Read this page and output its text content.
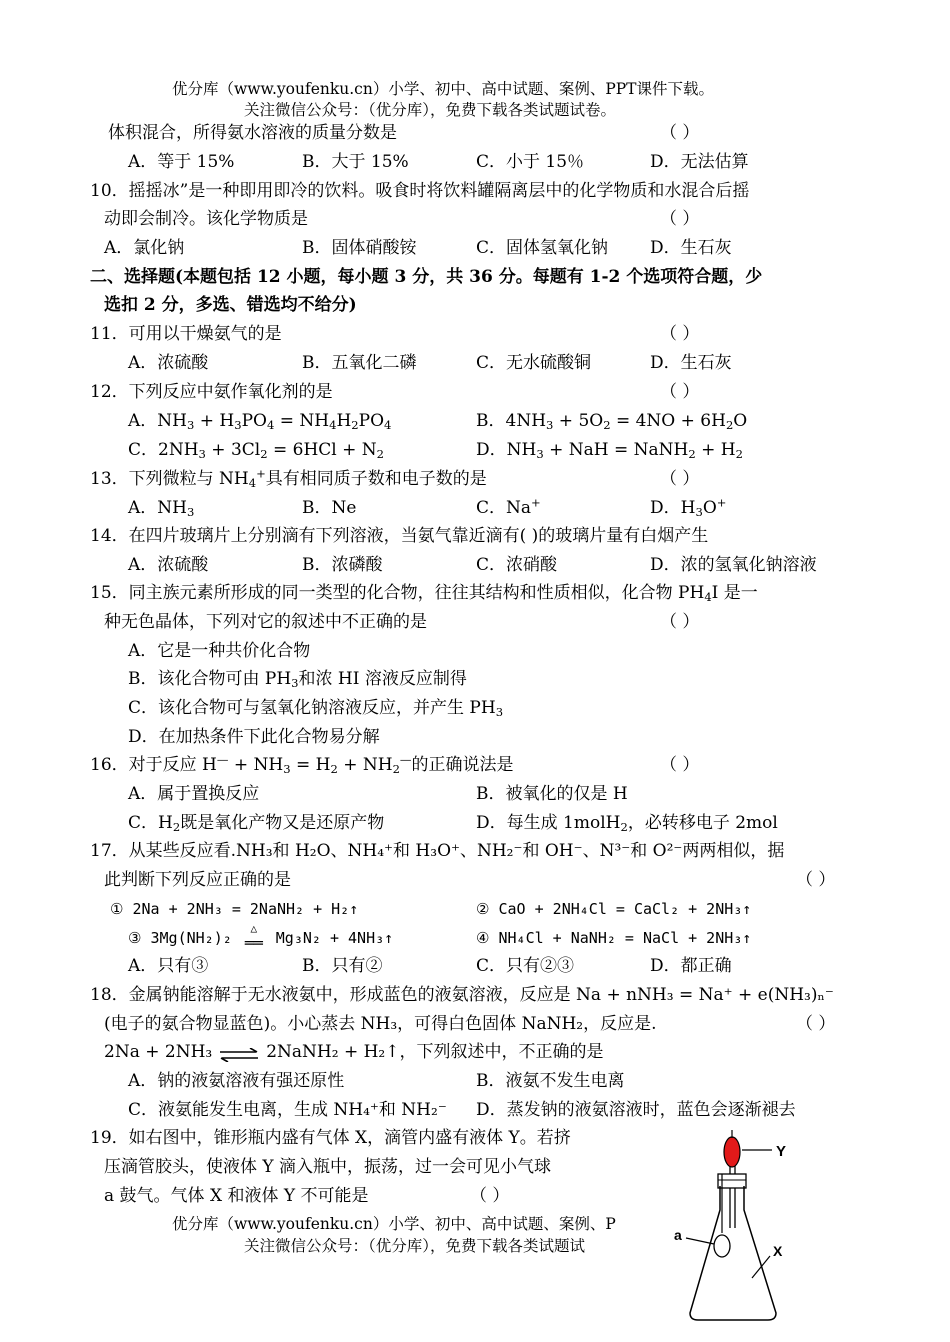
优分库（www.youfenku.cn）小学、初中、高中试题、案例、PPT课件下载。
关注微信公众号：（优分库），免费下载各类试题试卷。
体积混合，所得氨水溶液的质量分数是	（ ）
A．等于 15%	B．大于 15%	C．小于 15％	D．无法估算
10．摇摇冰”是一种即用即冷的饮料。吸食时将饮料罐隔离层中的化学物质和水混合后摇
动即会制冷。该化学物质是	（ ）
A．氯化钠	B．固体硝酸铵	C．固体氢氧化钠 D．生石灰
二、选择题(本题包括 12 小题，每小题 3 分，共 36 分。每题有 1-2 个选项符合题，少
选扣 2 分，多选、错选均不给分)
11．可用以干燥氨气的是	（ ）
A．浓硫酸	B．五氧化二磷	C．无水硫酸铜	D．生石灰
12．下列反应中氨作氧化剂的是	（ ）
A．$NH_3 + H_3PO_4 = NH_4H_2PO_4$	B．$4NH_3 + 5O_2 = 4NO + 6H_2O$
C．$2NH_3 + 3Cl_2 = 6HCl + N_2$	D．$NH_3$ + NaH = NaNH$_2$ + $H_2$
13．下列微粒与 $NH_4^+$具有相同质子数和电子数的是	（ ）
A．$NH_3$	B．Ne	C．Na+	D．$H_3O^+$
14．在四片玻璃片上分别滴有下列溶液，当氨气靠近滴有( )的玻璃片量有白烟产生
A．浓硫酸	B．浓磷酸	C．浓硝酸	D．浓的氢氧化钠溶液
15．同主族元素所形成的同一类型的化合物，往往其结构和性质相似，化合物 $PH_4I$ 是一
种无色晶体，下列对它的叙述中不正确的是	（ ）
A．它是一种共价化合物
B．该化合物可由 $PH_3$和浓 HI 溶液反应制得
C．该化合物可与氢氧化钠溶液反应，并产生 $PH_3$
D．在加热条件下此化合物易分解
16．对于反应 $H^— + NH_3 = H_2 + NH_2^—$的正确说法是	（ ）
A．属于置换反应	B．被氧化的仅是 H
C．$H_2$既是氧化产物又是还原产物	D．每生成 1molH$_2$，必转移电子 2mol
17．从某些反应看.NH₃和 H₂O、NH₄⁺和 H₃O⁺、NH₂⁻和 OH⁻、N³⁻和 O²⁻两两相似，据
此判断下列反应正确的是	（ ）
① 2Na + 2NH₃ = 2NaNH₂ + H₂↑	② CaO + 2NH₄Cl = CaCl₂ + 2NH₃↑
③ 3Mg(NH₂)₂
△
══ Mg₃N₂ + 4NH₃↑	④ NH₄Cl + NaNH₂ = NaCl + 2NH₃↑
A．只有③	B．只有②	C．只有②③	D．都正确
18．金属钠能溶解于无水液氨中，形成蓝色的液氨溶液，反应是 Na + nNH₃ = Na⁺ + e(NH₃)ₙ⁻
(电子的氨合物显蓝色)。小心蒸去 NH₃，可得白色固体 NaNH₂，反应是.	（ ）
2Na + 2NH₃ ⇌ 2NaNH₂ + H₂↑，下列叙述中，不正确的是
A．钠的液氨溶液有强还原性	B．液氨不发生电离
C．液氨能发生电离，生成 NH₄⁺和 NH₂⁻ D．蒸发钠的液氨溶液时，蓝色会逐渐褪去
19．如右图中，锥形瓶内盛有气体 X，滴管内盛有液体 Y。若挤
压滴管胶头，使液体 Y 滴入瓶中，振荡，过一会可见小气球
a 鼓气。气体 X 和液体 Y 不可能是	（ ）
优分库（www.youfenku.cn）小学、初中、高中试题、案例、P
关注微信公众号：（优分库），免费下载各类试题试
Y
X
a
